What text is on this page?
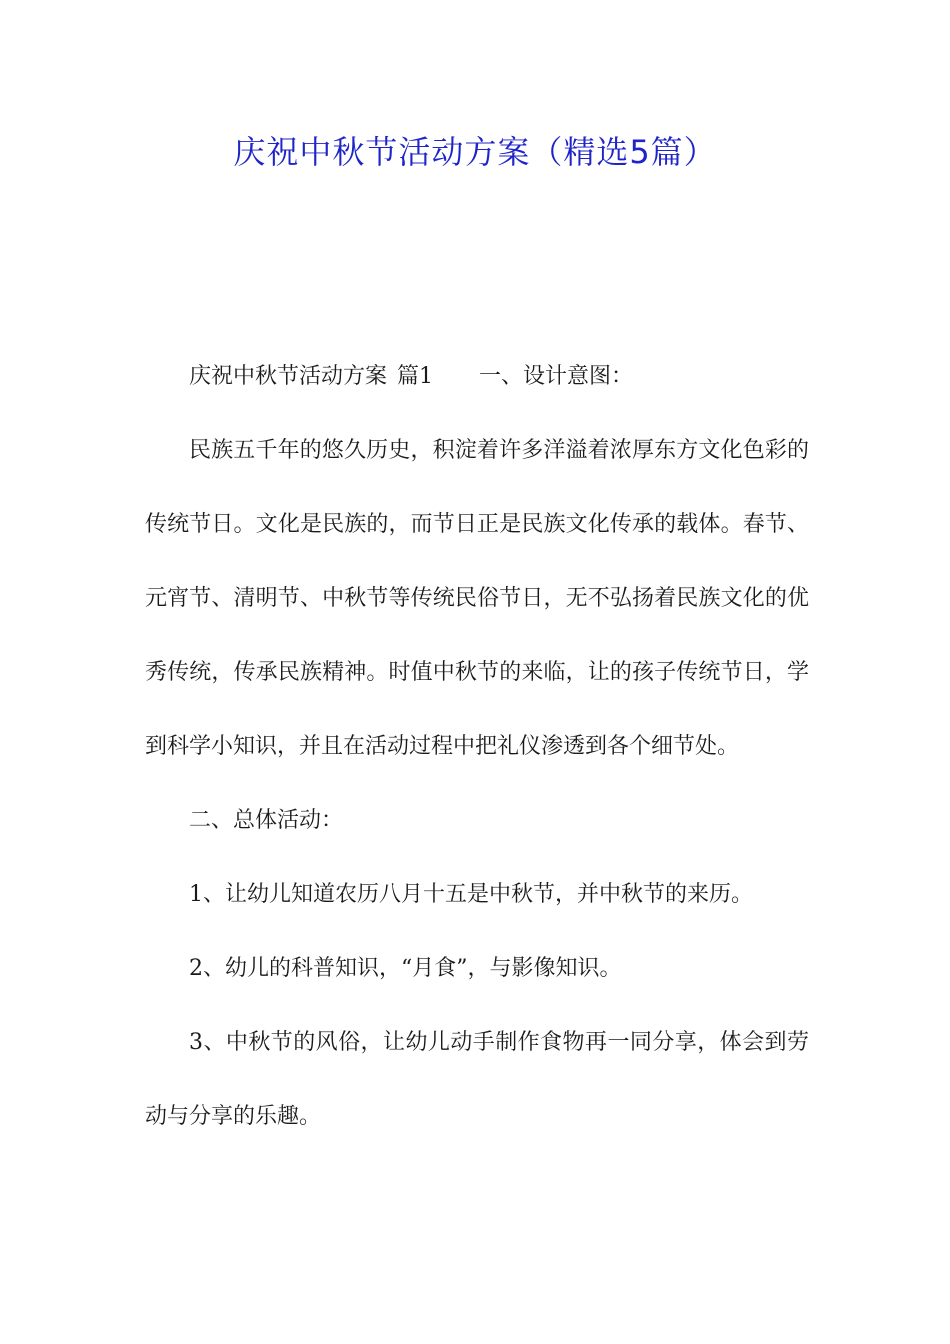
庆祝中秋节活动方案（精选5篇）

庆祝中秋节活动方案 篇1 一、设计意图：

民族五千年的悠久历史，积淀着许多洋溢着浓厚东方文化色彩的传统节日。文化是民族的，而节日正是民族文化传承的载体。春节、元宵节、清明节、中秋节等传统民俗节日，无不弘扬着民族文化的优秀传统，传承民族精神。时值中秋节的来临，让的孩子传统节日，学到科学小知识，并且在活动过程中把礼仪渗透到各个细节处。

二、总体活动：

1、让幼儿知道农历八月十五是中秋节，并中秋节的来历。

2、幼儿的科普知识，“月食”，与影像知识。

3、中秋节的风俗，让幼儿动手制作食物再一同分享，体会到劳动与分享的乐趣。
